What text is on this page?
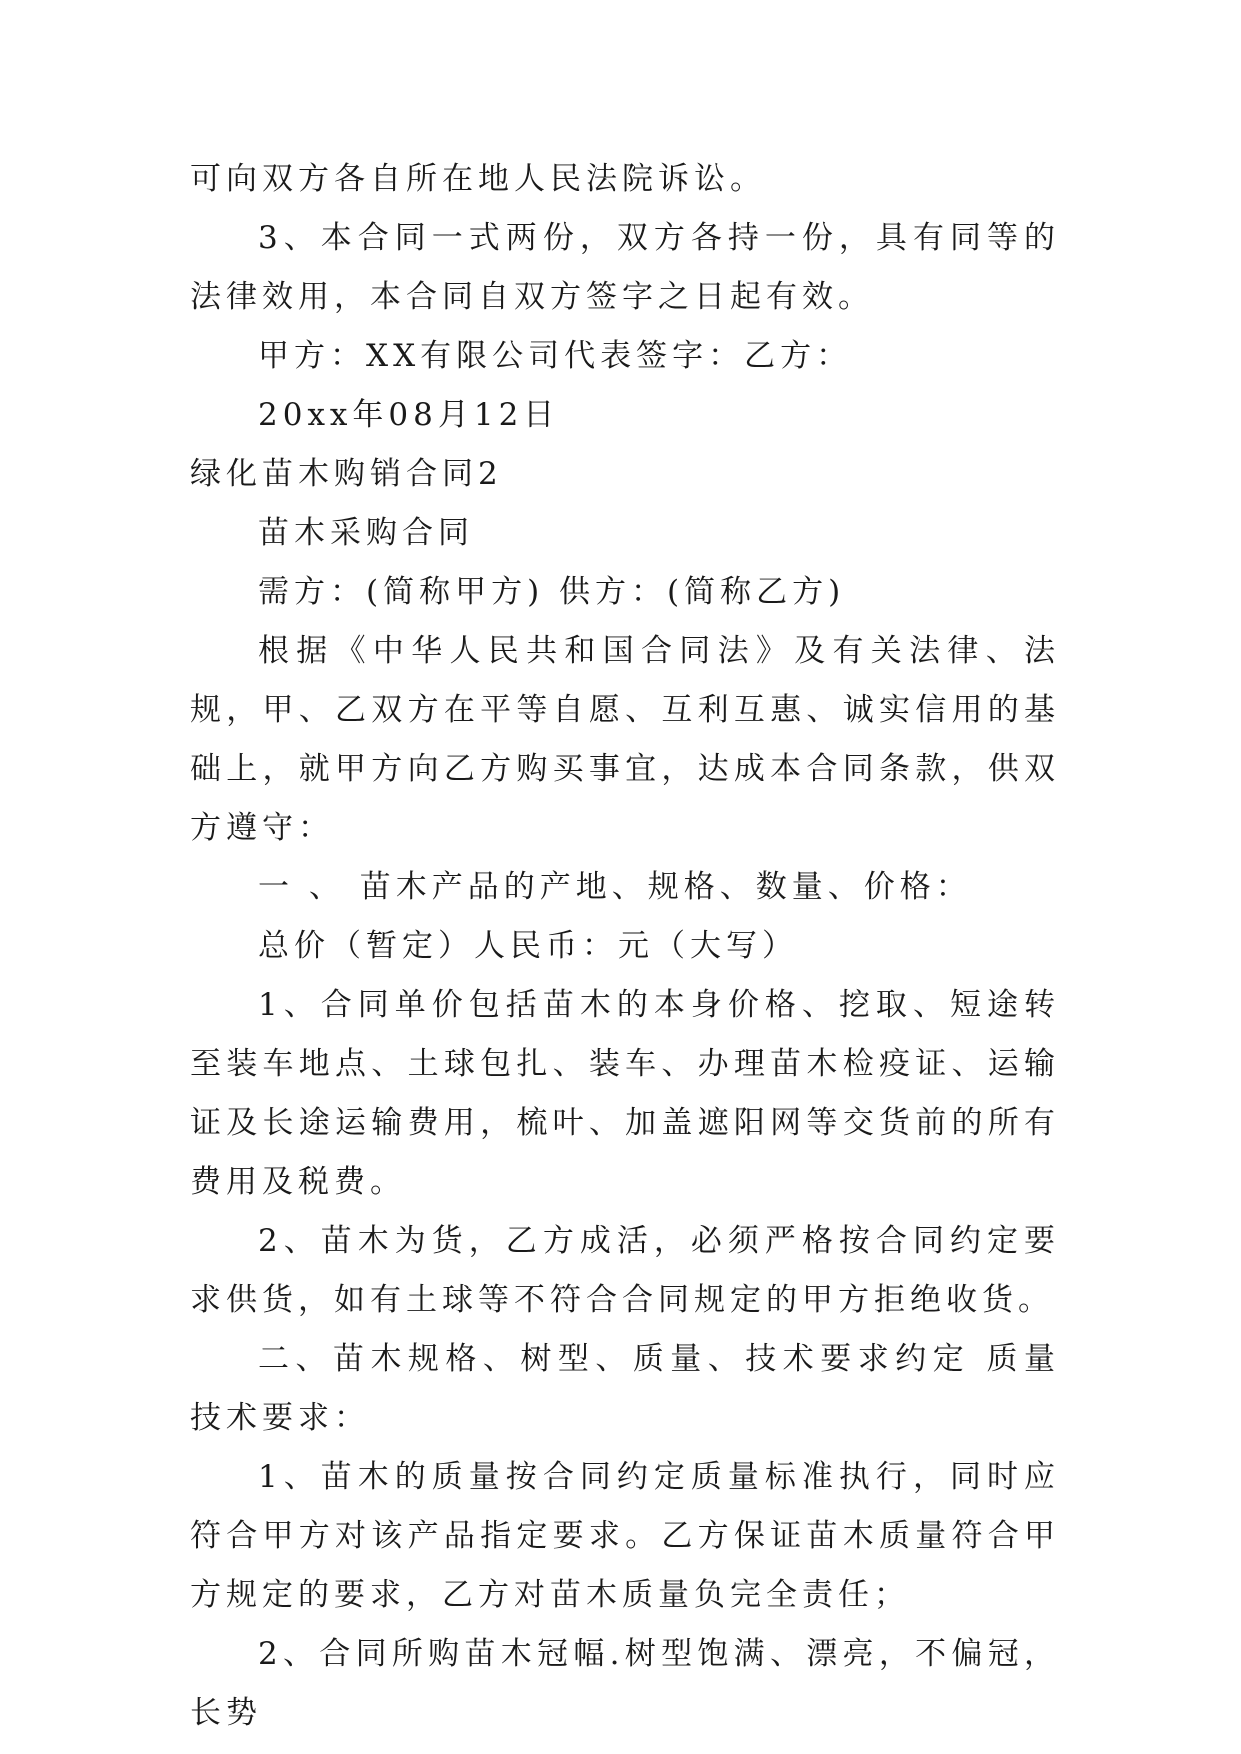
可向双方各自所在地人民法院诉讼。

3、本合同一式两份，双方各持一份，具有同等的法律效用，本合同自双方签字之日起有效。

甲方：XX有限公司代表签字：乙方：

20xx年08月12日

绿化苗木购销合同2

苗木采购合同

需方：(简称甲方) 供方：(简称乙方)

根据《中华人民共和国合同法》及有关法律、法规，甲、乙双方在平等自愿、互利互惠、诚实信用的基础上，就甲方向乙方购买事宜，达成本合同条款，供双方遵守：

一 、 苗木产品的产地、规格、数量、价格：

总价（暂定）人民币：元（大写）

1、合同单价包括苗木的本身价格、挖取、短途转至装车地点、土球包扎、装车、办理苗木检疫证、运输证及长途运输费用，梳叶、加盖遮阳网等交货前的所有费用及税费。

2、苗木为货，乙方成活，必须严格按合同约定要求供货，如有土球等不符合合同规定的甲方拒绝收货。

二、苗木规格、树型、质量、技术要求约定 质量技术要求：

1、苗木的质量按合同约定质量标准执行，同时应符合甲方对该产品指定要求。乙方保证苗木质量符合甲方规定的要求，乙方对苗木质量负完全责任；

2、合同所购苗木冠幅.树型饱满、漂亮，不偏冠，长势
